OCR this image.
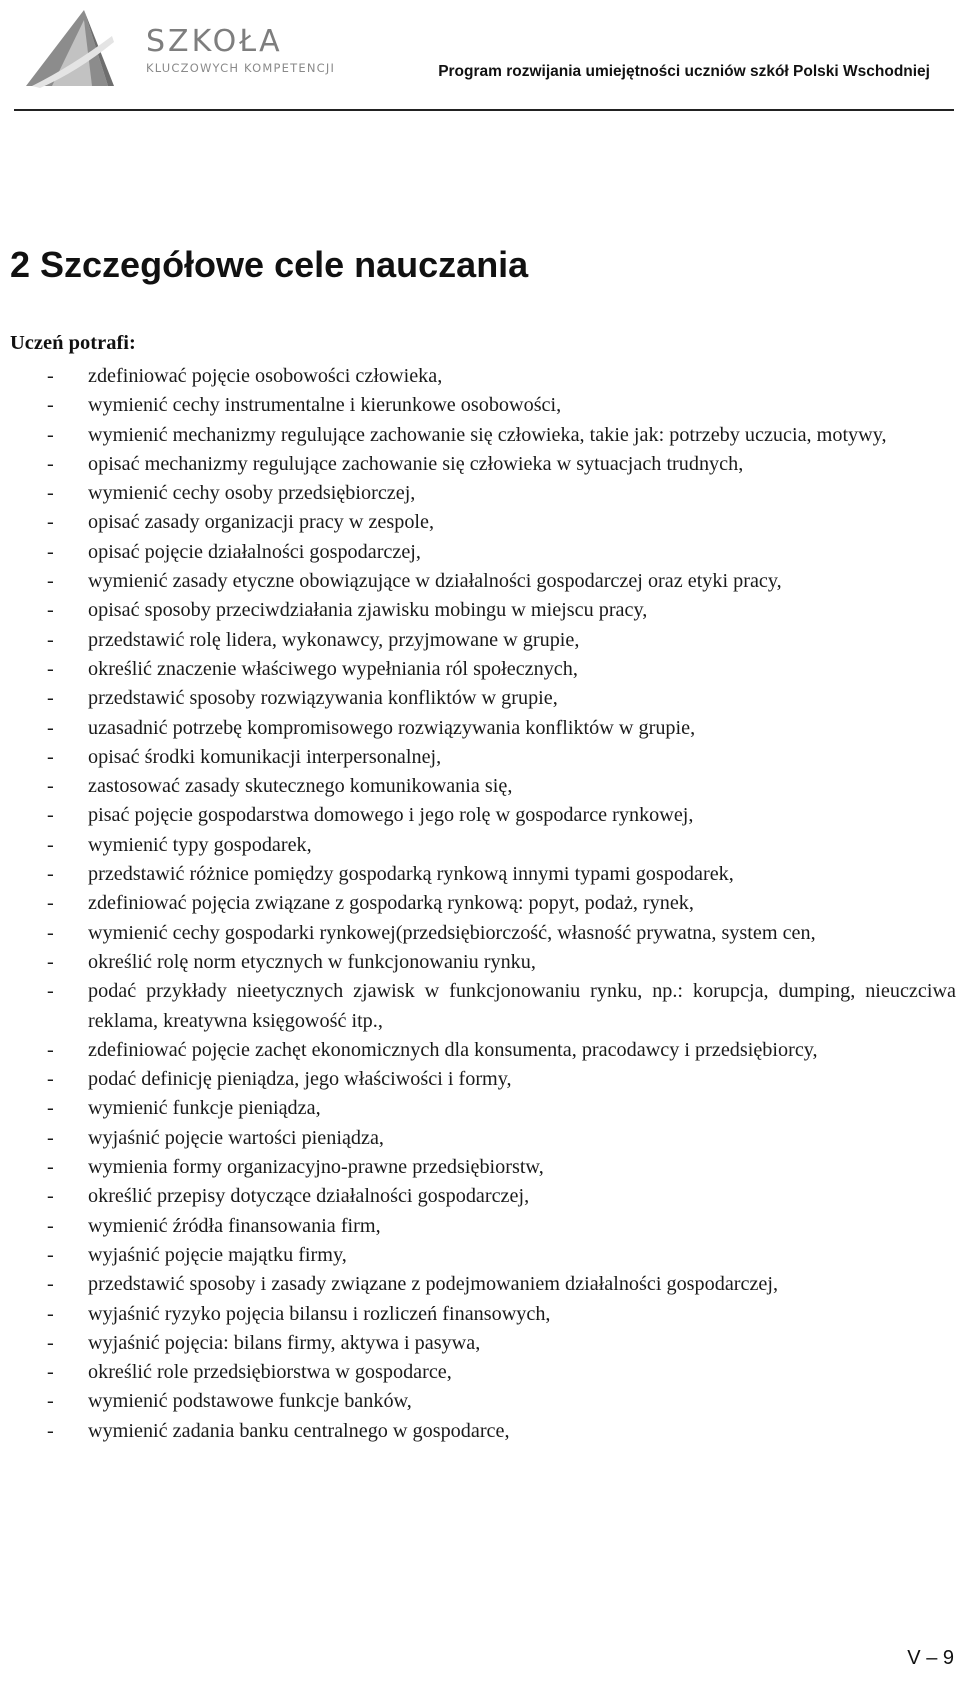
SZKOŁA
KLUCZOWYCH KOMPETENCJI	Program rozwijania umiejętności uczniów szkół Polski Wschodniej
2 Szczegółowe cele nauczania
Uczeń potrafi:
- zdefiniować pojęcie osobowości człowieka,
- wymienić cechy instrumentalne i kierunkowe osobowości,
- wymienić mechanizmy regulujące zachowanie się człowieka, takie jak: potrzeby uczucia, motywy,
- opisać mechanizmy regulujące zachowanie się człowieka w sytuacjach trudnych,
- wymienić cechy osoby przedsiębiorczej,
- opisać zasady organizacji pracy w zespole,
- opisać pojęcie działalności gospodarczej,
- wymienić zasady etyczne obowiązujące w działalności gospodarczej oraz etyki pracy,
- opisać sposoby przeciwdziałania zjawisku mobingu w miejscu pracy,
- przedstawić rolę lidera, wykonawcy, przyjmowane w grupie,
- określić znaczenie właściwego wypełniania ról społecznych,
- przedstawić sposoby rozwiązywania konfliktów w grupie,
- uzasadnić potrzebę kompromisowego rozwiązywania konfliktów w grupie,
- opisać środki komunikacji interpersonalnej,
- zastosować zasady skutecznego komunikowania się,
- pisać pojęcie gospodarstwa domowego i jego rolę w gospodarce rynkowej,
- wymienić typy gospodarek,
- przedstawić różnice pomiędzy gospodarką rynkową innymi typami gospodarek,
- zdefiniować pojęcia związane z gospodarką rynkową: popyt, podaż, rynek,
- wymienić cechy gospodarki rynkowej(przedsiębiorczość, własność prywatna, system cen,
- określić rolę norm etycznych w funkcjonowaniu rynku,
- podać przykłady nieetycznych zjawisk w funkcjonowaniu rynku, np.: korupcja, dumping, nieuczciwa reklama, kreatywna księgowość itp.,
- zdefiniować pojęcie zachęt ekonomicznych dla konsumenta, pracodawcy i przedsiębiorcy,
- podać definicję pieniądza, jego właściwości i formy,
- wymienić funkcje pieniądza,
- wyjaśnić pojęcie wartości pieniądza,
- wymienia formy organizacyjno-prawne przedsiębiorstw,
- określić przepisy dotyczące działalności gospodarczej,
- wymienić źródła finansowania firm,
- wyjaśnić pojęcie majątku firmy,
- przedstawić sposoby i zasady związane z podejmowaniem działalności gospodarczej,
- wyjaśnić ryzyko pojęcia bilansu i rozliczeń finansowych,
- wyjaśnić pojęcia: bilans firmy, aktywa i pasywa,
- określić role przedsiębiorstwa w gospodarce,
- wymienić podstawowe funkcje banków,
- wymienić zadania banku centralnego w gospodarce,
V – 9
